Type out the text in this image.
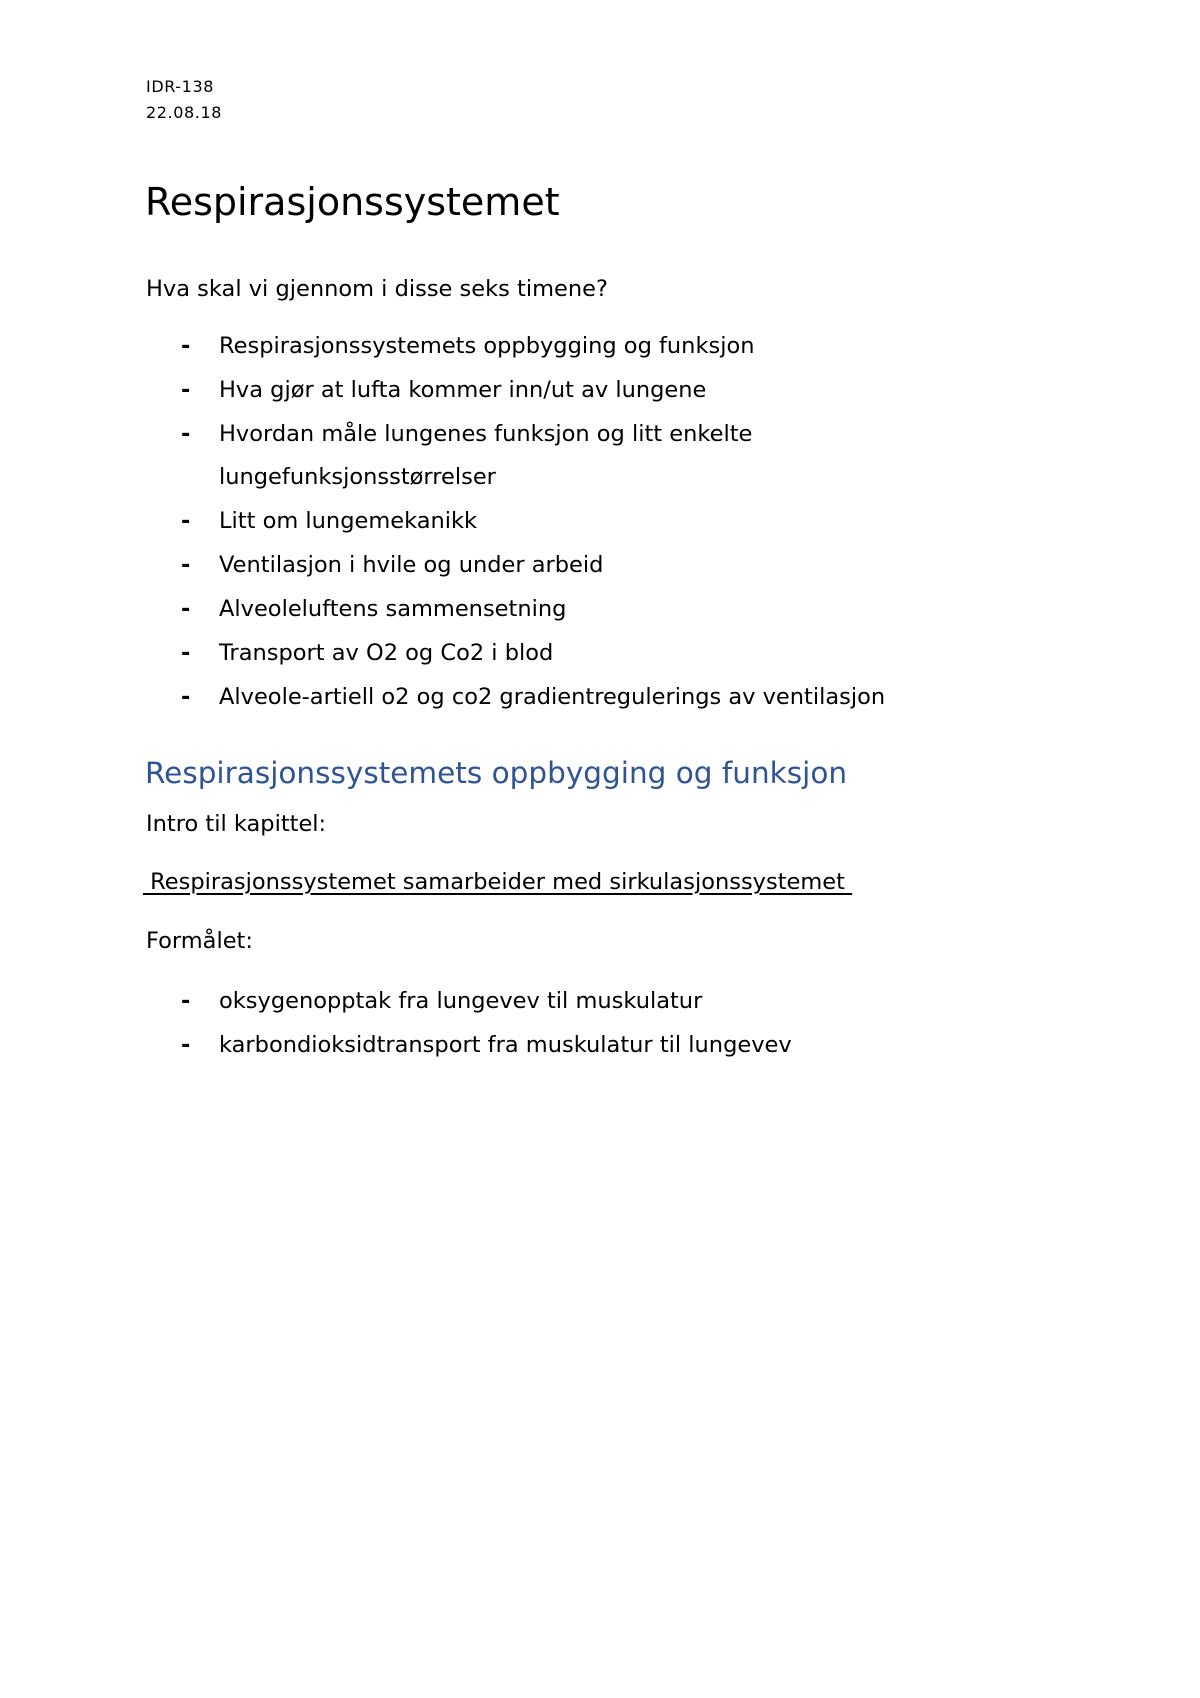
IDR-138
22.08.18
Respirasjonssystemet
Hva skal vi gjennom i disse seks timene?
- Respirasjonssystemets oppbygging og funksjon
- Hva gjør at lufta kommer inn/ut av lungene
- Hvordan måle lungenes funksjon og litt enkelte
lungefunksjonsstørrelser
- Litt om lungemekanikk
- Ventilasjon i hvile og under arbeid
- Alveoleluftens sammensetning
- Transport av O2 og Co2 i blod
- Alveole-artiell o2 og co2 gradientregulerings av ventilasjon
Respirasjonssystemets oppbygging og funksjon
Intro til kapittel:
Respirasjonssystemet samarbeider med sirkulasjonssystemet
Formålet:
- oksygenopptak fra lungevev til muskulatur
- karbondioksidtransport fra muskulatur til lungevev
